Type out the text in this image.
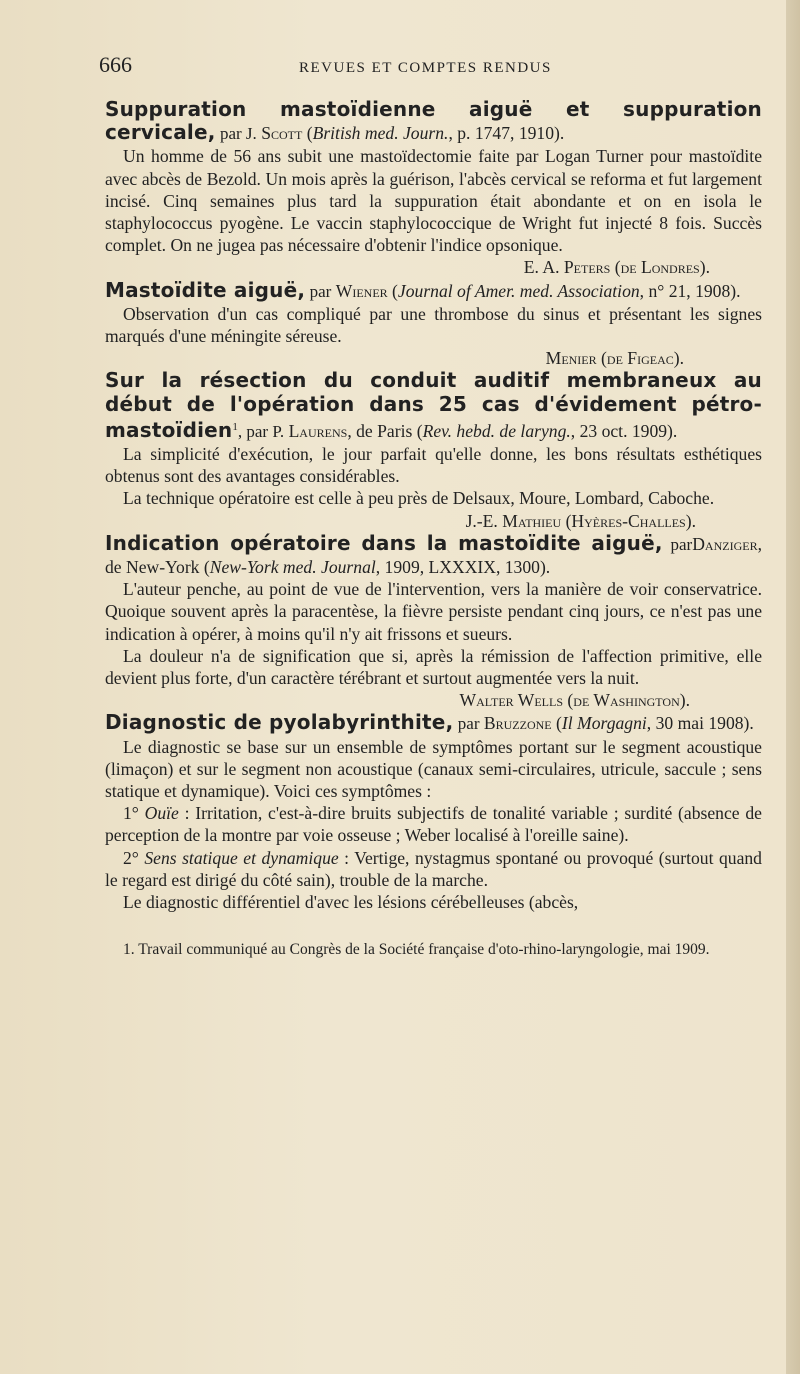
666	REVUES ET COMPTES RENDUS

Suppuration mastoïdienne aiguë et suppuration cervicale, par J. Scott (British med. Journ., p. 1747, 1910).

Un homme de 56 ans subit une mastoïdectomie faite par Logan Turner pour mastoïdite avec abcès de Bezold. Un mois après la guérison, l'abcès cervical se reforma et fut largement incisé. Cinq semaines plus tard la suppuration était abondante et on en isola le staphylococcus pyogène. Le vaccin staphylococcique de Wright fut injecté 8 fois. Succès complet. On ne jugea pas nécessaire d'obtenir l'indice opsonique.
E. A. Peters (de Londres).

Mastoïdite aiguë, par Wiener (Journal of Amer. med. Association, n° 21, 1908).

Observation d'un cas compliqué par une thrombose du sinus et présentant les signes marqués d'une méningite séreuse.

Menier (de Figeac).

Sur la résection du conduit auditif membraneux au début de l'opération dans 25 cas d'évidement pétro-mastoïdien$^1$, par P. Laurens, de Paris (Rev. hebd. de laryng., 23 oct. 1909).

La simplicité d'exécution, le jour parfait qu'elle donne, les bons résultats esthétiques obtenus sont des avantages considérables.

La technique opératoire est celle à peu près de Delsaux, Moure, Lombard, Caboche.
J.-E. Mathieu (Hyères-Challes).

Indication opératoire dans la mastoïdite aiguë, parDanziger, de New-York (New-York med. Journal, 1909, LXXXIX, 1300).

L'auteur penche, au point de vue de l'intervention, vers la manière de voir conservatrice. Quoique souvent après la paracentèse, la fièvre persiste pendant cinq jours, ce n'est pas une indication à opérer, à moins qu'il n'y ait frissons et sueurs.

La douleur n'a de signification que si, après la rémission de l'affection primitive, elle devient plus forte, d'un caractère térébrant et surtout augmentée vers la nuit.

Walter Wells (de Washington).

Diagnostic de pyolabyrinthite, par Bruzzone (Il Morgagni, 30 mai 1908).

Le diagnostic se base sur un ensemble de symptômes portant sur le segment acoustique (limaçon) et sur le segment non acoustique (canaux semi-circulaires, utricule, saccule ; sens statique et dynamique). Voici ces symptômes :

1° Ouïe : Irritation, c'est-à-dire bruits subjectifs de tonalité variable ; surdité (absence de perception de la montre par voie osseuse ; Weber localisé à l'oreille saine).

2° Sens statique et dynamique : Vertige, nystagmus spontané ou provoqué (surtout quand le regard est dirigé du côté sain), trouble de la marche.

Le diagnostic différentiel d'avec les lésions cérébelleuses (abcès,

1. Travail communiqué au Congrès de la Société française d'oto-rhino-laryngologie, mai 1909.
